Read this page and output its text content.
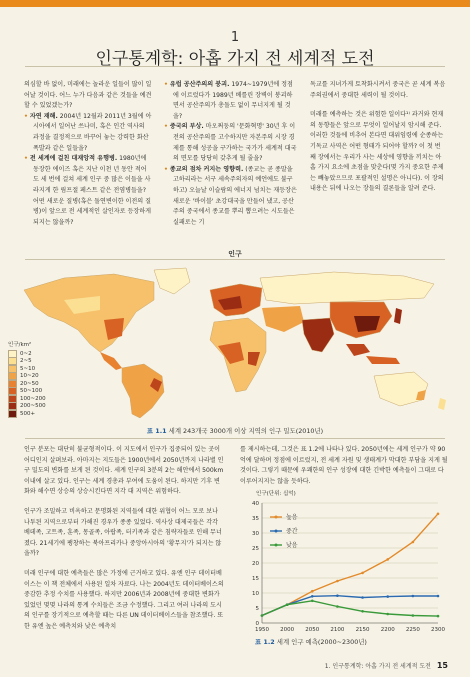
1
인구통계학: 아홉 가지 전 세계적 도전

의심할 바 없이, 미래에는 놀라운 일들이 많이 일어날 것이다. 어느 누가 다음과 같은 것들을 예견할 수 있었겠는가?

• 자연 재해. 2004년 12월과 2011년 3월에 아시아에서 일어난 쓰나미, 혹은 인간 역사의 과정을 결정적으로 바꾸어 놓는 강력한 화산 폭발과 같은 일들을?

• 전 세계에 걸친 대재앙적 유행병. 1980년에 동장한 에이즈 혹은 지난 이천 년 동안 적어도 세 번에 걸쳐 세계 인구 중 많은 이들을 사라지게 한 림프절 페스트 같은 전염병들을? 어떤 새로운 질병(혹은 돌연변이한 이전의 질병)이 앞으로 전 세계적인 살인자로 등장하게 되지는 않을까?

• 유럽 공산주의의 붕괴. 1974~1979년에 정점에 이르렀다가 1989년 베를린 장벽이 붕괴하면서 공산주의가 총돌도 없이 무너지게 될 것을?

• 중국의 부상. 마오쩌둥의 '문화혁명' 30년 후 이전의 공산주의를 고수하지만 자본주의 시장 경제를 통해 성공을 구가하는 국가가 세계적 대국의 면모를 당당히 갖추게 될 줄을?

• 종교의 점차 커지는 영향력. (종교는 곧 종말을 고하리라는 서구 세속주의자의 예언에도 불구하고) 오늘날 이슬람의 에너지 넘치는 재등장은 새로운 '바이블' 초강대국을 만들어 냈고, 공산주의 중국에서 종교를 뿌리 뽑으려는 시도들은 실패로는 기

독교를 지녀가게 토착화시켜서 중국은 곧 세계 복음주의권에서 중대한 세력이 될 것이다.

미래를 예측하는 것은 위험한 일이다¹⁾ 과거와 현재의 동향들은 앞으로 무엇이 일어날지 암시해 준다. 이러한 것들에 비추어 본다면 대위임령에 순종하는 기독교 사역은 어떤 형태가 되어야 할까? 이 첫 번째 장에서는 우리가 사는 세상에 영향을 끼치는 아홉 가지 요소에 초점을 맞춘다(몇 가지 중요한 주제는 빼놓았으므로 포괄적인 설명은 아니다). 이 장의 내용은 뒤에 나오는 장들의 결론들을 알려 준다.

인구
인구/km²
0~2
2~5
5~10
10~20
20~50
50~100
100~200
200~500
500+
표 1.1 세계 243개국 3000개 이상 지역의 인구 밀도(2010년)

인구 분포는 대단히 불균형적이다. 이 지도에서 인구가 집중되어 있는 곳이 어디인지 살펴보라. 아마지는 지도들은 1900년에서 2050년까지 나라별 인구 밀도의 변화를 보게 된 것이다. 세계 인구의 3분의 2는 해안에서 500km 이내에 살고 있다. 인구는 세계 경총과 부여에 도움이 된다. 하지만 기후 변화와 해수면 상승의 상승시킨다면 지각 대 지역은 위험하다.

인구가 조밀하고 비옥하고 문명화된 지역들에 대한 위협이 어느 모로 보나 나투된 지역으로부터 가해진 경우가 종종 있었다. 역사상 대제국들은 각각 베데족, 고트족, 훈족, 몽골족, 아랍족, 터키족과 같은 침략자들로 인해 무너졌다. 21세기에 팽창하는 북아프리카나 중앙아시아의 '황무지'가 되지는 않을까?

미래 인구에 대한 예측들은 많은 가정에 근거하고 있다. 유엔 인구 데이터베이스는 이 책 전체에서 사용된 일차 자료다. 나는 2004년도 데이터베이스의 중감한 추정 수치를 사용했다. 하지만 2006년과 2008년에 중대한 변화가 있었던 몇몇 나라의 통계 수치들은 조금 수정했다. 그리고 여러 나라의 도시의 인구를 장기적으로 예측할 때는 다른 UN 데이터베이스들을 참조했다. 또한 유엔 높은 예측치와 낮은 예측치

를 제시하는데, 그것은 표 1.2에 나타나 있다. 2050년에는 세계 인구가 약 90억에 달하며 정점에 이르렀지, 전 세계 자원 및 생태계가 막대한 부담을 지게 될 것이다. 그렇기 때문에 우쾌한의 인구 성장에 대한 긴박한 예측들이 그대로 다 이루어지지는 않을 듯하다.

인구(단위: 십억)
0
5
10
15
20
25
30
35
40
1950 2000 2050 2100 2150 2200 2250 2300
높음
중간
낮음
표 1.2 세계 인구 예측(2000~2300년)
1. 인구통계학: 아홉 가지 전 세계적 도전 15
